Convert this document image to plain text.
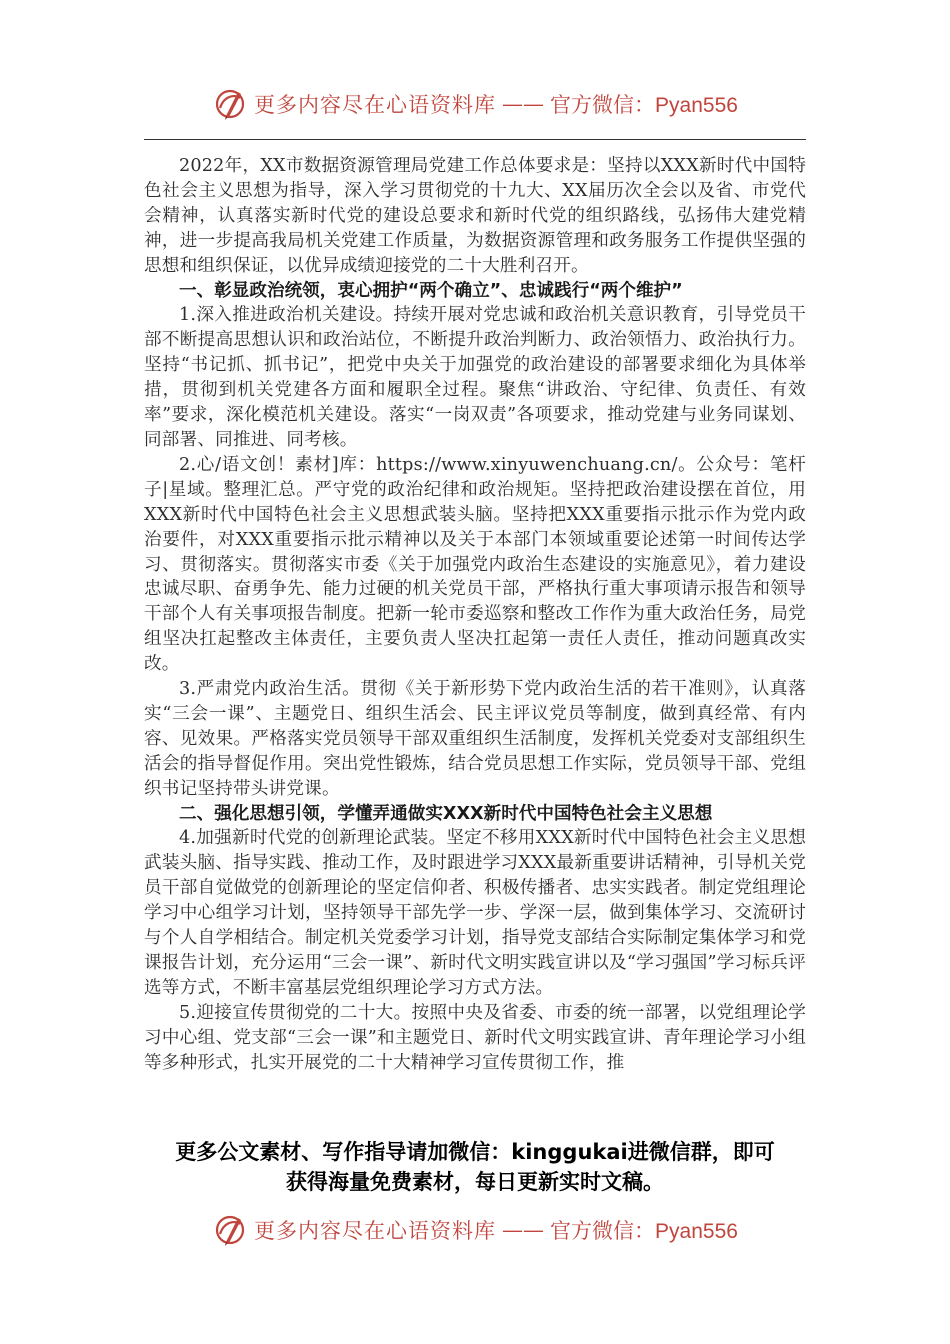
更多内容尽在心语资料库 —— 官方微信：Pyan556

2022年，XX市数据资源管理局党建工作总体要求是：坚持以XXX新时代中国特色社会主义思想为指导，深入学习贯彻党的十九大、XX届历次全会以及省、市党代会精神，认真落实新时代党的建设总要求和新时代党的组织路线，弘扬伟大建党精神，进一步提高我局机关党建工作质量，为数据资源管理和政务服务工作提供坚强的思想和组织保证，以优异成绩迎接党的二十大胜利召开。

一、彰显政治统领，衷心拥护“两个确立”、忠诚践行“两个维护”

1.深入推进政治机关建设。持续开展对党忠诚和政治机关意识教育，引导党员干部不断提高思想认识和政治站位，不断提升政治判断力、政治领悟力、政治执行力。坚持“书记抓、抓书记”，把党中央关于加强党的政治建设的部署要求细化为具体举措，贯彻到机关党建各方面和履职全过程。聚焦“讲政治、守纪律、负责任、有效率”要求，深化模范机关建设。落实“一岗双责”各项要求，推动党建与业务同谋划、同部署、同推进、同考核。

2.心/语文创！素材]库：https://www.xinyuwenchuang.cn/。公众号：笔杆子|星域。整理汇总。严守党的政治纪律和政治规矩。坚持把政治建设摆在首位，用XXX新时代中国特色社会主义思想武装头脑。坚持把XXX重要指示批示作为党内政治要件，对XXX重要指示批示精神以及关于本部门本领域重要论述第一时间传达学习、贯彻落实。贯彻落实市委《关于加强党内政治生态建设的实施意见》，着力建设忠诚尽职、奋勇争先、能力过硬的机关党员干部，严格执行重大事项请示报告和领导干部个人有关事项报告制度。把新一轮市委巡察和整改工作作为重大政治任务，局党组坚决扛起整改主体责任，主要负责人坚决扛起第一责任人责任，推动问题真改实改。

3.严肃党内政治生活。贯彻《关于新形势下党内政治生活的若干准则》，认真落实“三会一课”、主题党日、组织生活会、民主评议党员等制度，做到真经常、有内容、见效果。严格落实党员领导干部双重组织生活制度，发挥机关党委对支部组织生活会的指导督促作用。突出党性锻炼，结合党员思想工作实际，党员领导干部、党组织书记坚持带头讲党课。

二、强化思想引领，学懂弄通做实XXX新时代中国特色社会主义思想

4.加强新时代党的创新理论武装。坚定不移用XXX新时代中国特色社会主义思想武装头脑、指导实践、推动工作，及时跟进学习XXX最新重要讲话精神，引导机关党员干部自觉做党的创新理论的坚定信仰者、积极传播者、忠实实践者。制定党组理论学习中心组学习计划，坚持领导干部先学一步、学深一层，做到集体学习、交流研讨与个人自学相结合。制定机关党委学习计划，指导党支部结合实际制定集体学习和党课报告计划，充分运用“三会一课”、新时代文明实践宣讲以及“学习强国”学习标兵评选等方式，不断丰富基层党组织理论学习方式方法。

5.迎接宣传贯彻党的二十大。按照中央及省委、市委的统一部署，以党组理论学习中心组、党支部“三会一课”和主题党日、新时代文明实践宣讲、青年理论学习小组等多种形式，扎实开展党的二十大精神学习宣传贯彻工作，推

更多公文素材、写作指导请加微信：kinggukai进微信群，即可
获得海量免费素材，每日更新实时文稿。
更多内容尽在心语资料库 —— 官方微信：Pyan556
